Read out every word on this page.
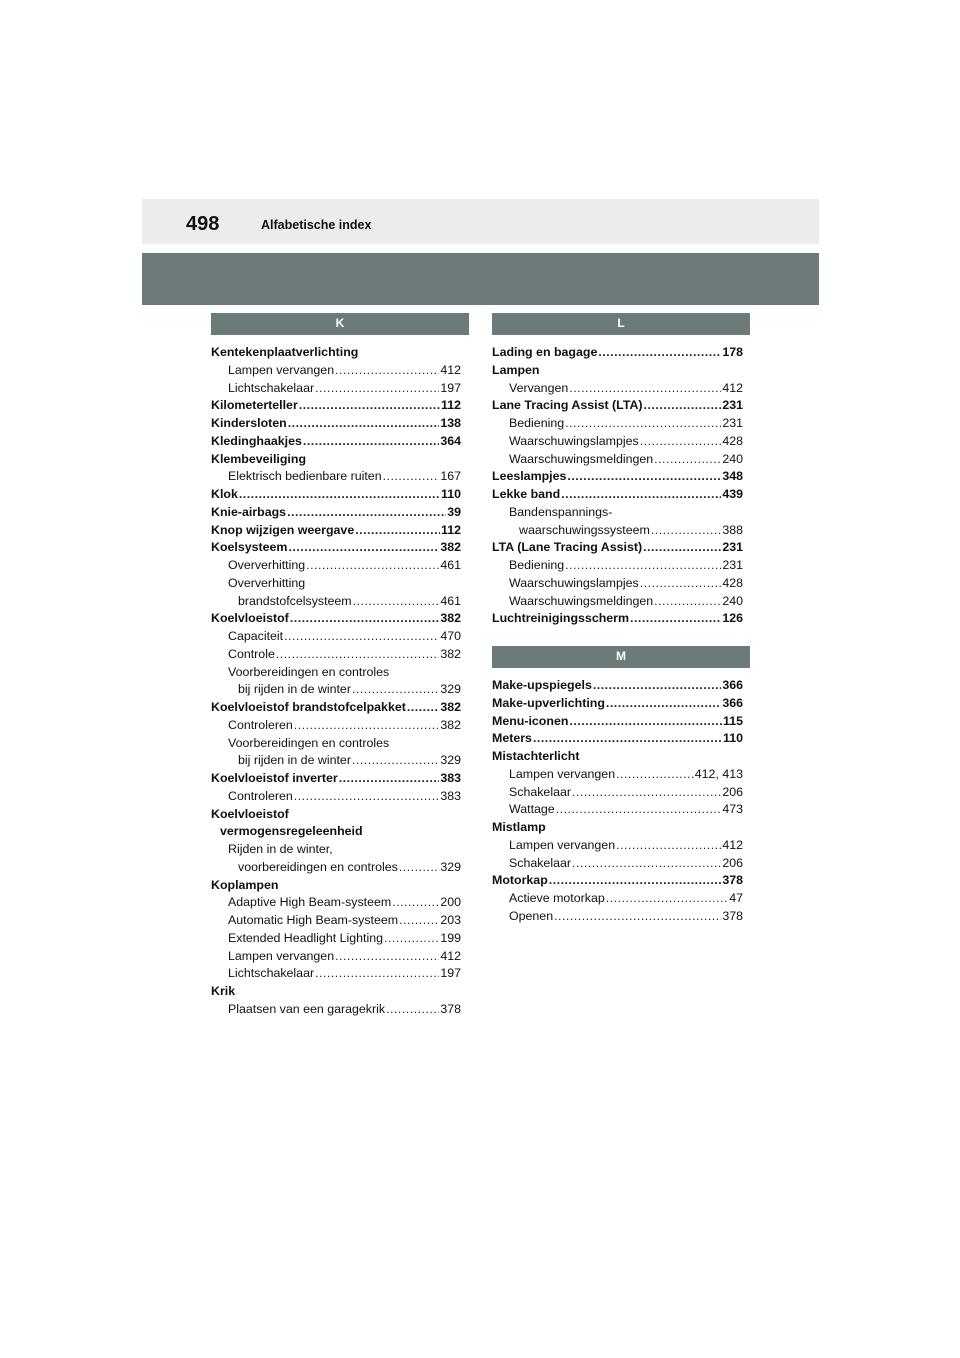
498	Alfabetische index
K
Kentekenplaatverlichting
Lampen vervangen .....	412
Lichtschakelaar .....	197
Kilometerteller .....	112
Kindersloten .....	138
Kledinghaakjes .....	364
Klembeveiliging
Elektrisch bedienbare ruiten .....	167
Klok .....	110
Knie-airbags .....	39
Knop wijzigen weergave .....	112
Koelsysteem .....	382
Oververhitting .....	461
Oververhitting
brandstofcelsysteem .....	461
Koelvloeistof .....	382
Capaciteit .....	470
Controle .....	382
Voorbereidingen en controles
bij rijden in de winter .....	329
Koelvloeistof brandstofcelpakket .....	382
Controleren .....	382
Voorbereidingen en controles
bij rijden in de winter .....	329
Koelvloeistof inverter .....	383
Controleren .....	383
Koelvloeistof
vermogensregeleenheid
Rijden in de winter,
voorbereidingen en controles .....	329
Koplampen
Adaptive High Beam-systeem .....	200
Automatic High Beam-systeem .....	203
Extended Headlight Lighting .....	199
Lampen vervangen .....	412
Lichtschakelaar .....	197
Krik
Plaatsen van een garagekrik .....	378
L
Lading en bagage .....	178
Lampen
Vervangen .....	412
Lane Tracing Assist (LTA) .....	231
Bediening .....	231
Waarschuwingslampjes .....	428
Waarschuwingsmeldingen .....	240
Leeslampjes .....	348
Lekke band .....	439
Bandenspannings-
waarschuwingssysteem .....	388
LTA (Lane Tracing Assist) .....	231
Bediening .....	231
Waarschuwingslampjes .....	428
Waarschuwingsmeldingen .....	240
Luchtreinigingsscherm .....	126
M
Make-upspiegels .....	366
Make-upverlichting .....	366
Menu-iconen .....	115
Meters .....	110
Mistachterlicht
Lampen vervangen .....	412, 413
Schakelaar .....	206
Wattage .....	473
Mistlamp
Lampen vervangen .....	412
Schakelaar .....	206
Motorkap .....	378
Actieve motorkap .....	47
Openen .....	378
